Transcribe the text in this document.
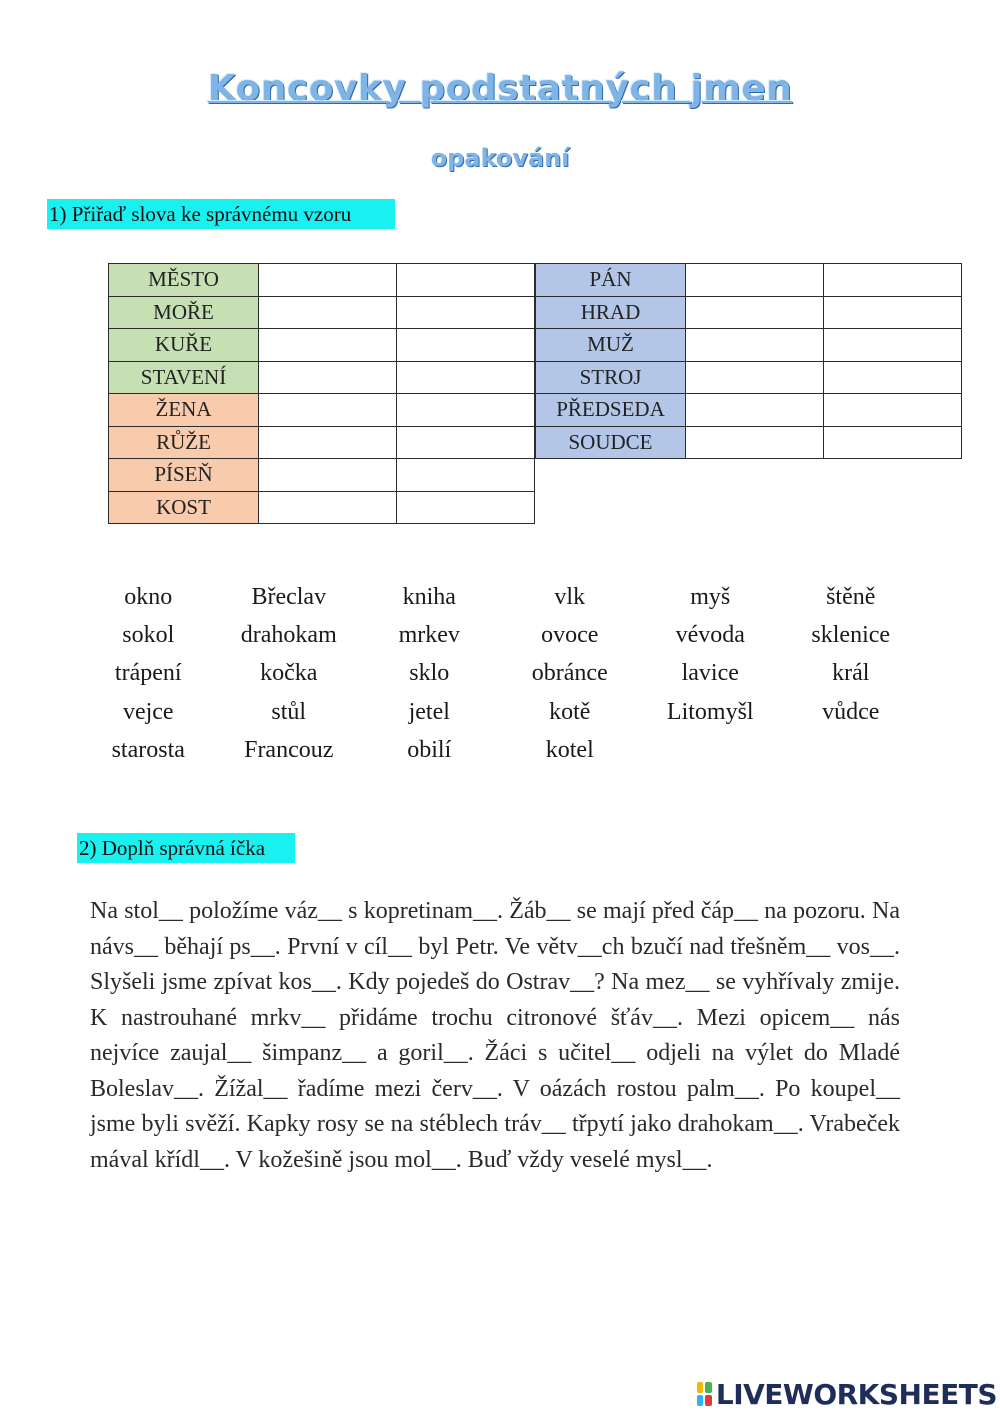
Koncovky podstatných jmen
opakování
1) Přiřaď slova ke správnému vzoru
MĚSTO		
MOŘE		
KUŘE		
STAVENÍ		
ŽENA		
RŮŽE		
PÍSEŇ		
KOST		
PÁN		
HRAD		
MUŽ		
STROJ		
PŘEDSEDA		
SOUDCE		
okno	Břeclav	kniha	vlk	myš	štěně
sokol	drahokam	mrkev	ovoce	vévoda	sklenice
trápení	kočka	sklo	obránce	lavice	král
vejce	stůl	jetel	kotě	Litomyšl	vůdce
starosta	Francouz	obilí	kotel
2) Doplň správná íčka

Na stol__ položíme váz__ s kopretinam__. Žáb__ se mají před čáp__ na pozoru. Na návs__ běhají ps__. První v cíl__ byl Petr. Ve větv__ch bzučí nad třešněm__ vos__. Slyšeli jsme zpívat kos__. Kdy pojedeš do Ostrav__? Na mez__ se vyhřívaly zmije. K nastrouhané mrkv__ přidáme trochu citronové šťáv__. Mezi opicem__ nás nejvíce zaujal__ šimpanz__ a goril__. Žáci s učitel__ odjeli na výlet do Mladé Boleslav__. Žížal__ řadíme mezi červ__. V oázách rostou palm__. Po koupel__ jsme byli svěží. Kapky rosy se na stéblech tráv__ třpytí jako drahokam__. Vrabeček mával křídl__. V kožešině jsou mol__. Buď vždy veselé mysl__.

LIVEWORKSHEETS
